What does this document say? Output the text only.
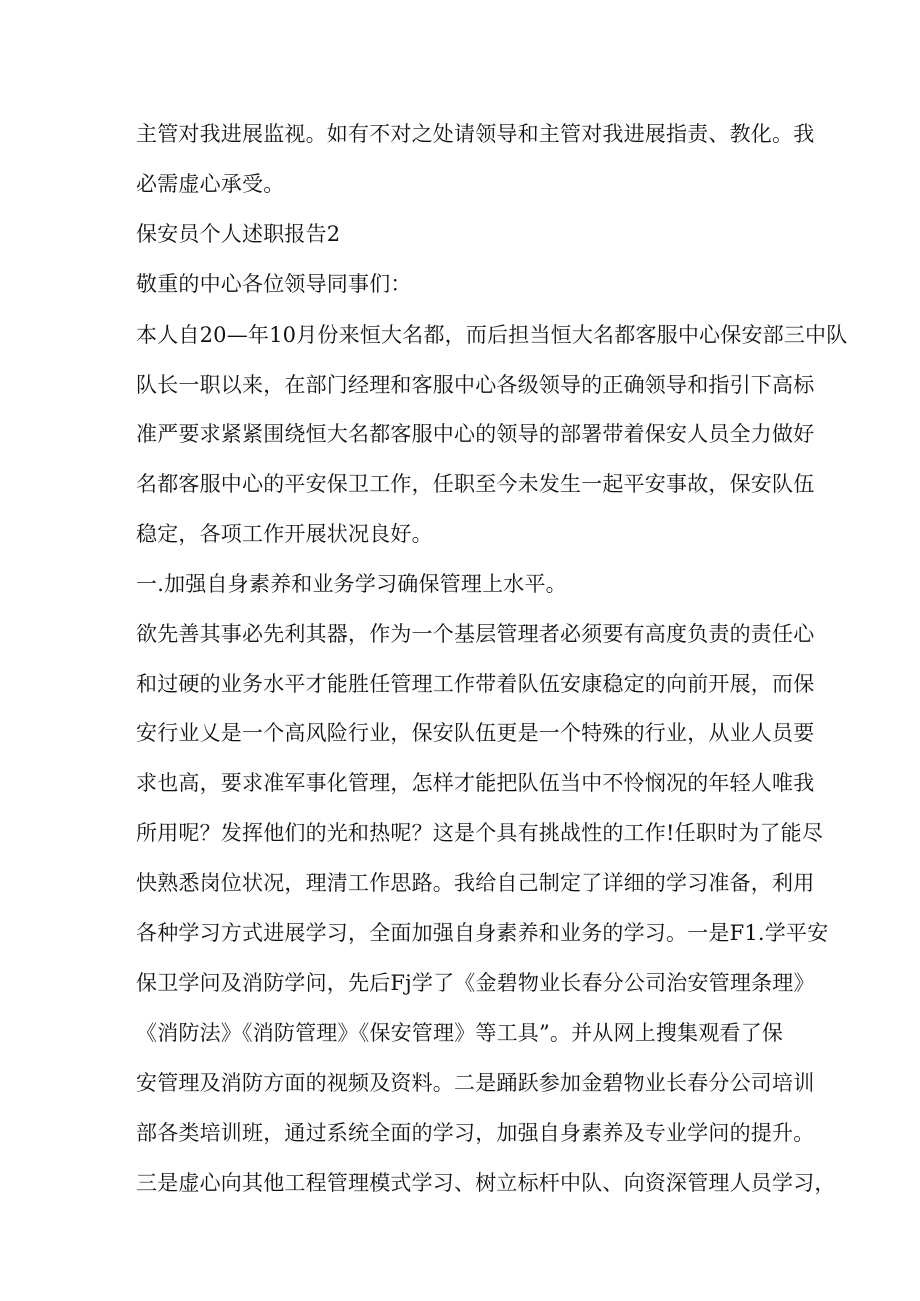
主管对我进展监视。如有不对之处请领导和主管对我进展指责、教化。我
必需虚心承受。
保安员个人述职报告2
敬重的中心各位领导同事们：
本人自20—年10月份来恒大名都，而后担当恒大名都客服中心保安部三中队
队长一职以来，在部门经理和客服中心各级领导的正确领导和指引下高标
准严要求紧紧围绕恒大名都客服中心的领导的部署带着保安人员全力做好
名都客服中心的平安保卫工作，任职至今未发生一起平安事故，保安队伍
稳定，各项工作开展状况良好。
一.加强自身素养和业务学习确保管理上水平。
欲先善其事必先利其器，作为一个基层管理者必须要有高度负责的责任心
和过硬的业务水平才能胜任管理工作带着队伍安康稳定的向前开展，而保
安行业乂是一个高风险行业，保安队伍更是一个特殊的行业，从业人员要
求也高，要求准军事化管理，怎样才能把队伍当中不怜悯况的年轻人唯我
所用呢？发挥他们的光和热呢？这是个具有挑战性的工作!任职时为了能尽
快熟悉岗位状况，理清工作思路。我给自己制定了详细的学习准备，利用
各种学习方式进展学习，全面加强自身素养和业务的学习。一是F1.学平安
保卫学问及消防学问，先后Fj学了《金碧物业长春分公司治安管理条理》
《消防法》《消防管理》《保安管理》等工具”。并从网上搜集观看了保
安管理及消防方面的视频及资料。二是踊跃参加金碧物业长春分公司培训
部各类培训班，通过系统全面的学习，加强自身素养及专业学问的提升。
三是虚心向其他工程管理模式学习、树立标杆中队、向资深管理人员学习，
